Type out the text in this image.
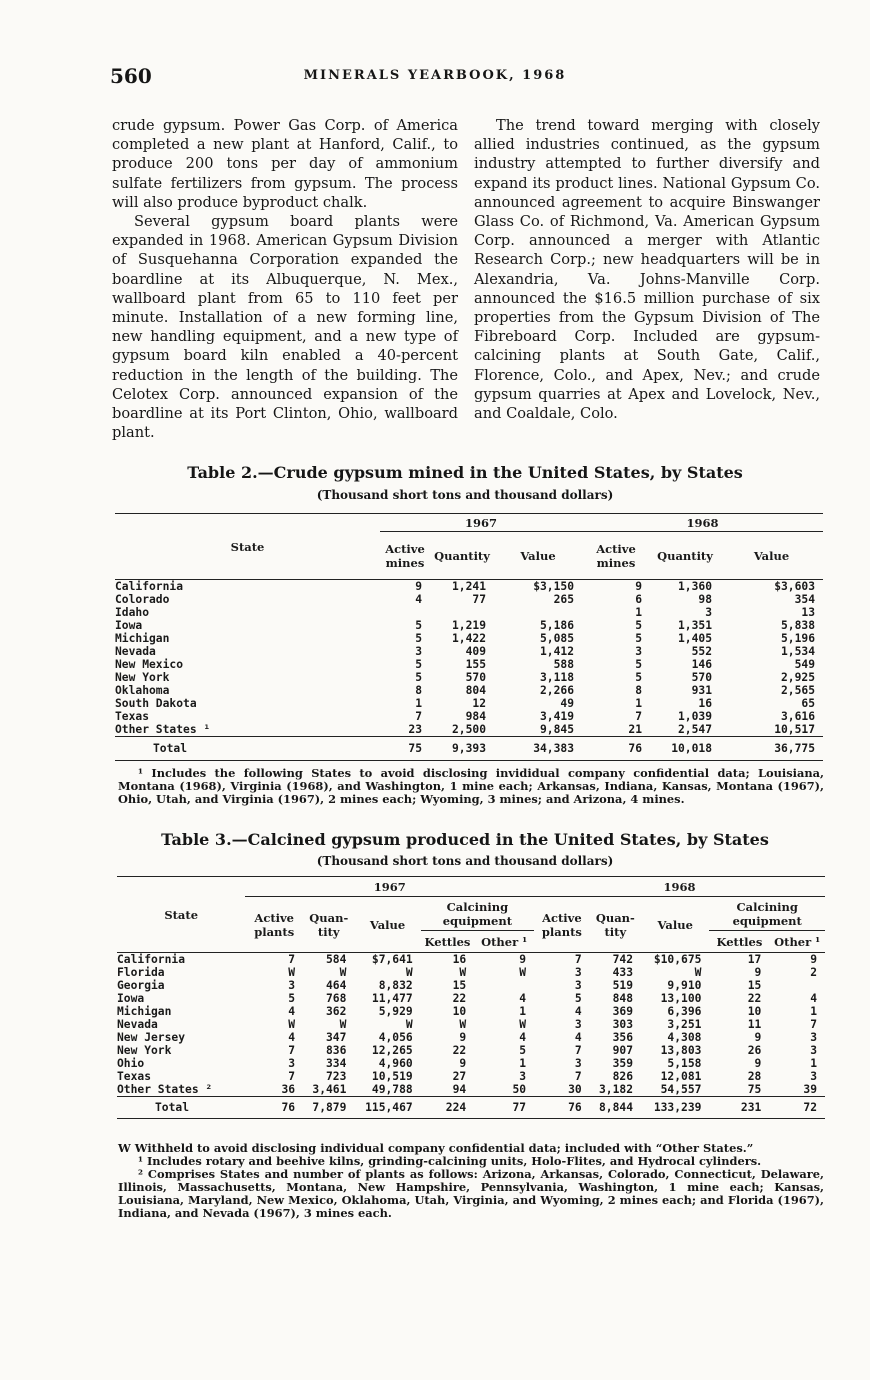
560	MINERALS YEARBOOK, 1968

crude gypsum. Power Gas Corp. of America completed a new plant at Hanford, Calif., to produce 200 tons per day of ammonium sulfate fertilizers from gypsum. The process will also produce byproduct chalk.

Several gypsum board plants were expanded in 1968. American Gypsum Division of Susquehanna Corporation expanded the boardline at its Albuquerque, N. Mex., wallboard plant from 65 to 110 feet per minute. Installation of a new forming line, new handling equipment, and a new type of gypsum board kiln enabled a 40-percent reduction in the length of the building. The Celotex Corp. announced expansion of the boardline at its Port Clinton, Ohio, wallboard plant.

The trend toward merging with closely allied industries continued, as the gypsum industry attempted to further diversify and expand its product lines. National Gypsum Co. announced agreement to acquire Binswanger Glass Co. of Richmond, Va. American Gypsum Corp. announced a merger with Atlantic Research Corp.; new headquarters will be in Alexandria, Va. Johns-Manville Corp. announced the $16.5 million purchase of six properties from the Gypsum Division of The Fibreboard Corp. Included are gypsum-calcining plants at South Gate, Calif., Florence, Colo., and Apex, Nev.; and crude gypsum quarries at Apex and Lovelock, Nev., and Coaldale, Colo.

Table 2.—Crude gypsum mined in the United States, by States
(Thousand short tons and thousand dollars)
State	1967			1968		
	Active
mines	Quantity	Value	Active
mines	Quantity	Value
California	9	1,241	$3,150	9	1,360	$3,603
Colorado	4	77	265	6	98	354
Idaho				1	3	13
Iowa	5	1,219	5,186	5	1,351	5,838
Michigan	5	1,422	5,085	5	1,405	5,196
Nevada	3	409	1,412	3	552	1,534
New Mexico	5	155	588	5	146	549
New York	5	570	3,118	5	570	2,925
Oklahoma	8	804	2,266	8	931	2,565
South Dakota	1	12	49	1	16	65
Texas	7	984	3,419	7	1,039	3,616
Other States ¹	23	2,500	9,845	21	2,547	10,517
Total	75	9,393	34,383	76	10,018	36,775

¹ Includes the following States to avoid disclosing invididual company confidential data; Louisiana, Montana (1968), Virginia (1968), and Washington, 1 mine each; Arkansas, Indiana, Kansas, Montana (1967), Ohio, Utah, and Virginia (1967), 2 mines each; Wyoming, 3 mines; and Arizona, 4 mines.

Table 3.—Calcined gypsum produced in the United States, by States
(Thousand short tons and thousand dollars)
State	1967					1968				
	Active
plants	Quan-
tity	Value	Calcining
equipment		Active
plants	Quan-
tity	Value	Calcining
equipment	
				Kettles	Other ¹				Kettles	Other ¹
California	7	584	$7,641	16	9	7	742	$10,675	17	9
Florida	W	W	W	W	W	3	433	W	9	2
Georgia	3	464	8,832	15		3	519	9,910	15	
Iowa	5	768	11,477	22	4	5	848	13,100	22	4
Michigan	4	362	5,929	10	1	4	369	6,396	10	1
Nevada	W	W	W	W	W	3	303	3,251	11	7
New Jersey	4	347	4,056	9	4	4	356	4,308	9	3
New York	7	836	12,265	22	5	7	907	13,803	26	3
Ohio	3	334	4,960	9	1	3	359	5,158	9	1
Texas	7	723	10,519	27	3	7	826	12,081	28	3
Other States ²	36	3,461	49,788	94	50	30	3,182	54,557	75	39
Total	76	7,879	115,467	224	77	76	8,844	133,239	231	72

W Withheld to avoid disclosing individual company confidential data; included with “Other States.”

¹ Includes rotary and beehive kilns, grinding-calcining units, Holo-Flites, and Hydrocal cylinders.

² Comprises States and number of plants as follows: Arizona, Arkansas, Colorado, Connecticut, Delaware, Illinois, Massachusetts, Montana, New Hampshire, Pennsylvania, Washington, 1 mine each; Kansas, Louisiana, Maryland, New Mexico, Oklahoma, Utah, Virginia, and Wyoming, 2 mines each; and Florida (1967), Indiana, and Nevada (1967), 3 mines each.
